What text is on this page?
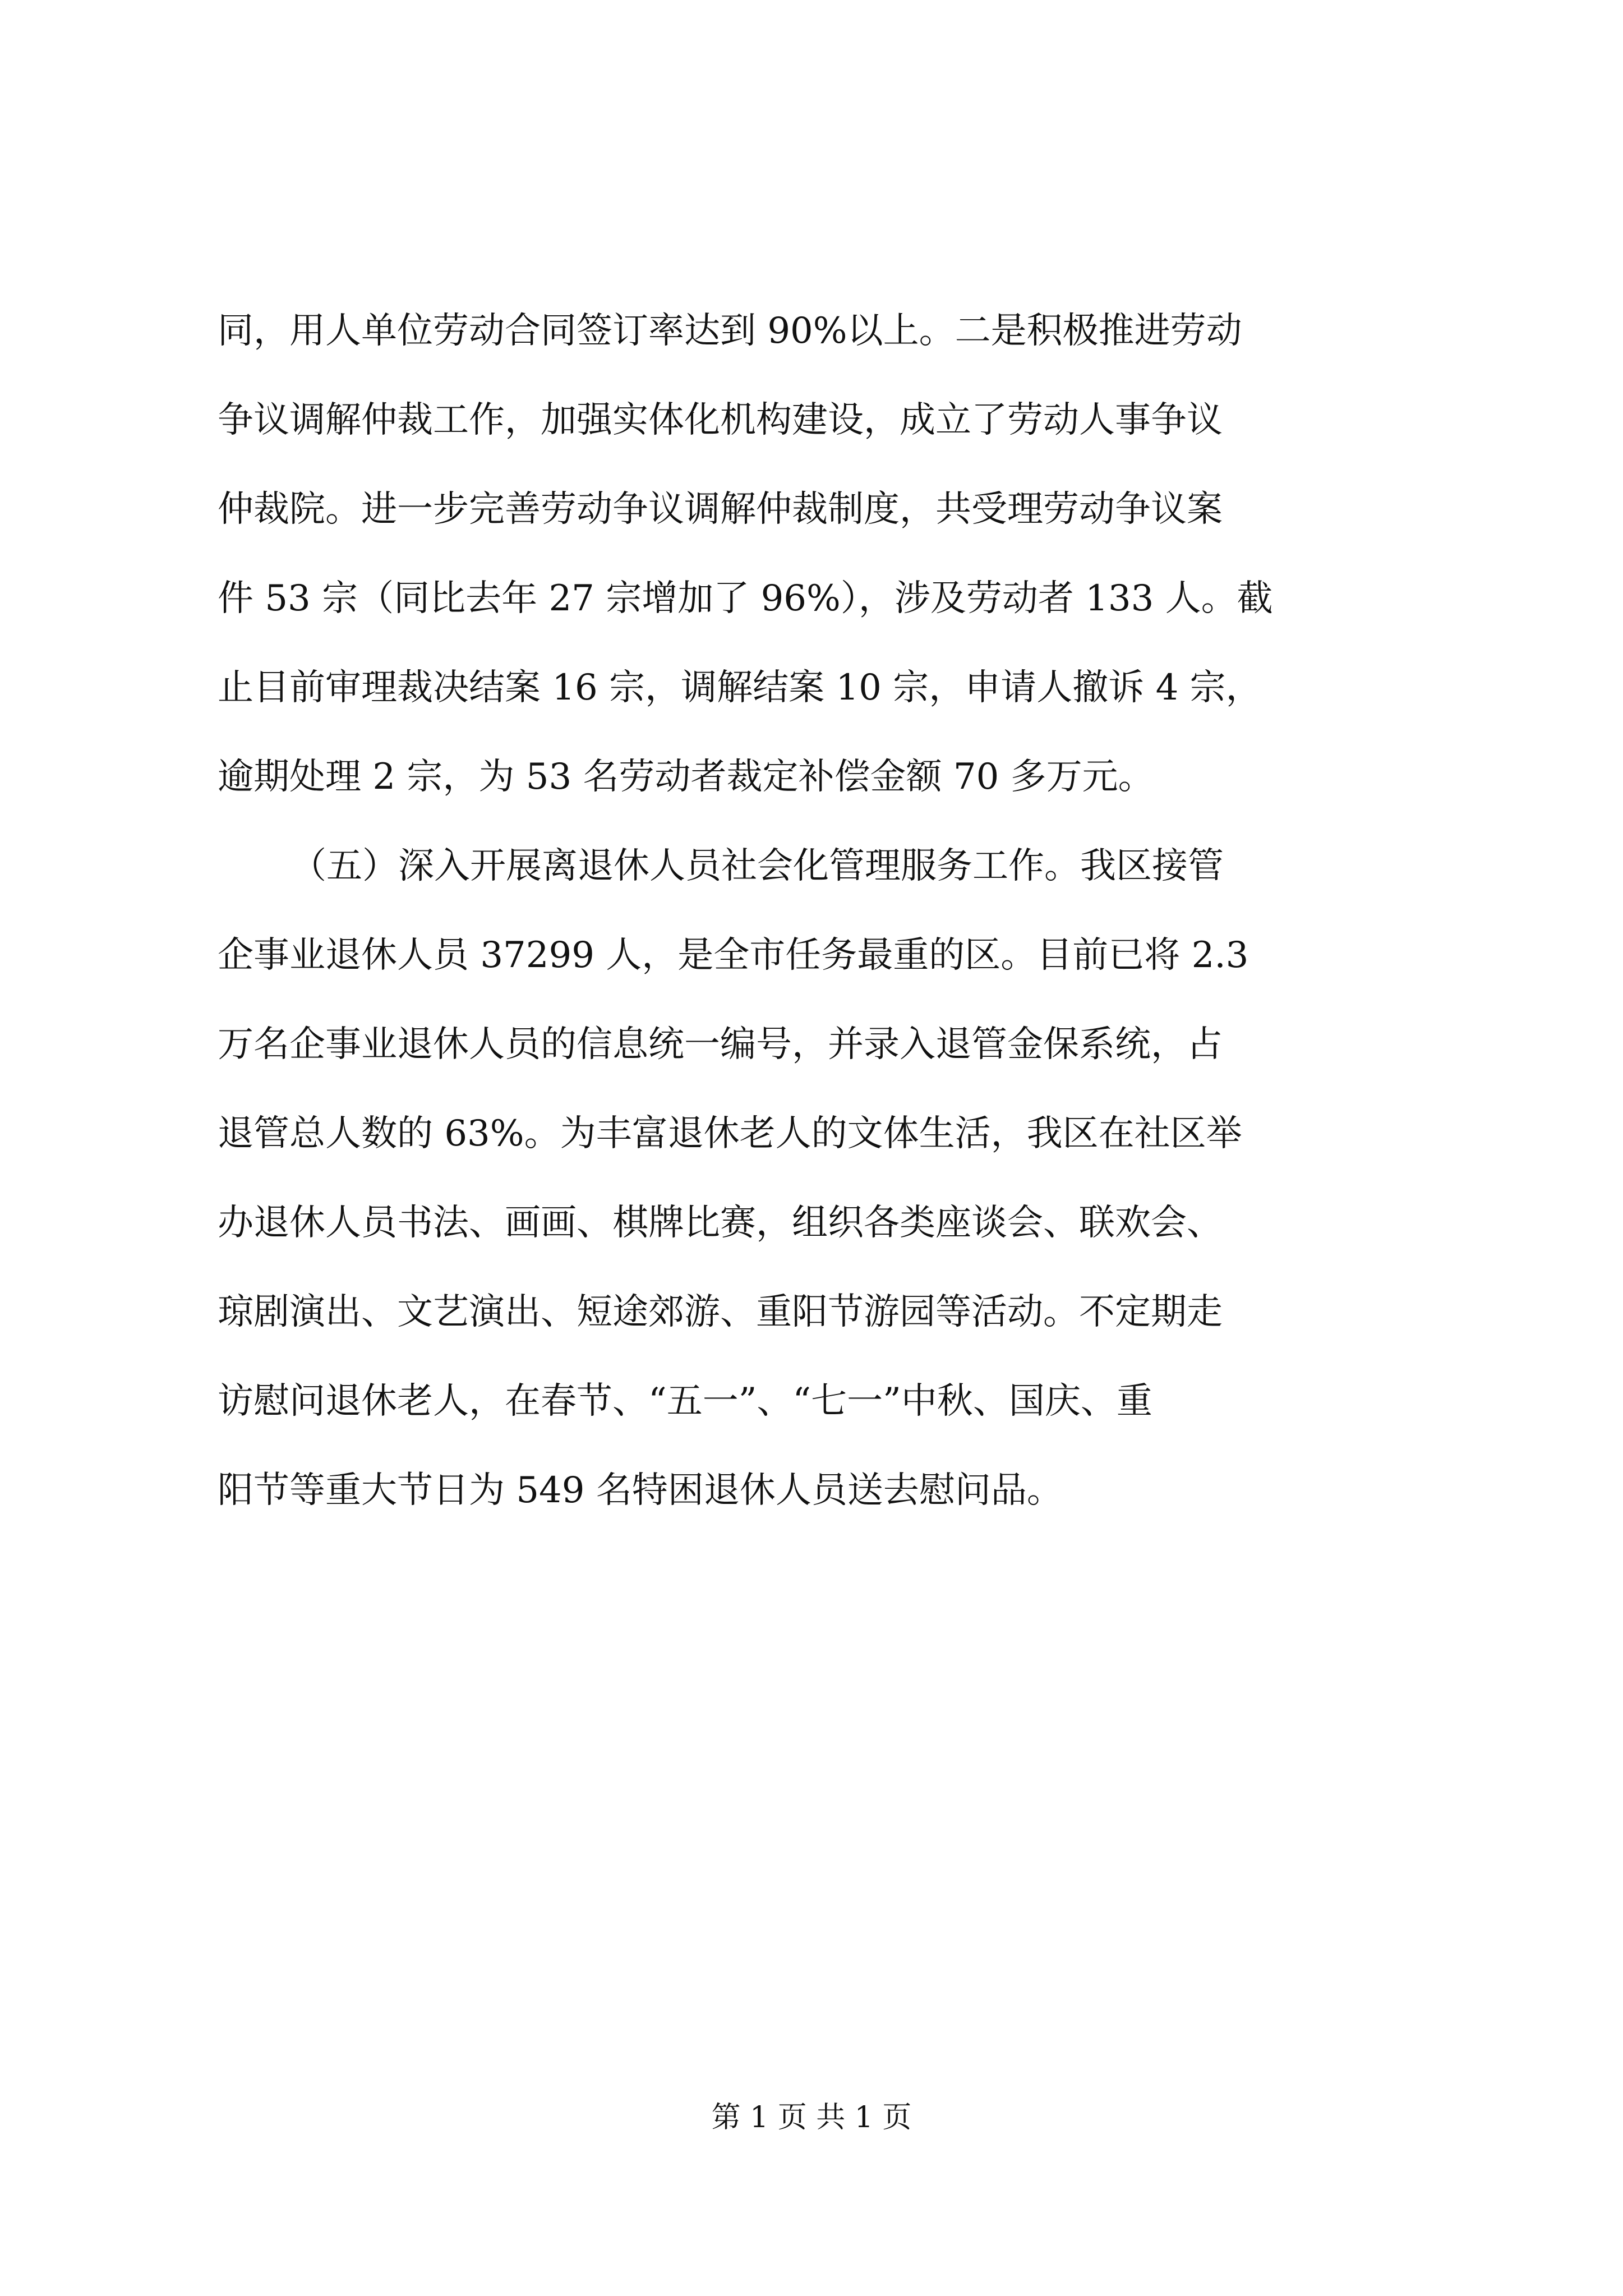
同，用人单位劳动合同签订率达到 90%以上。二是积极推进劳动
争议调解仲裁工作，加强实体化机构建设，成立了劳动人事争议
仲裁院。进一步完善劳动争议调解仲裁制度，共受理劳动争议案
件 53 宗（同比去年 27 宗增加了 96%），涉及劳动者 133 人。截
止目前审理裁决结案 16 宗，调解结案 10 宗，申请人撤诉 4 宗，
逾期处理 2 宗，为 53 名劳动者裁定补偿金额 70 多万元。
（五）深入开展离退休人员社会化管理服务工作。我区接管
企事业退休人员 37299 人，是全市任务最重的区。目前已将 2.3
万名企事业退休人员的信息统一编号，并录入退管金保系统，占
退管总人数的 63%。为丰富退休老人的文体生活，我区在社区举
办退休人员书法、画画、棋牌比赛，组织各类座谈会、联欢会、
琼剧演出、文艺演出、短途郊游、重阳节游园等活动。不定期走
访慰问退休老人，在春节、“五一”、“七一”中秋、国庆、重
阳节等重大节日为 549 名特困退休人员送去慰问品。
第 1 页 共 1 页
